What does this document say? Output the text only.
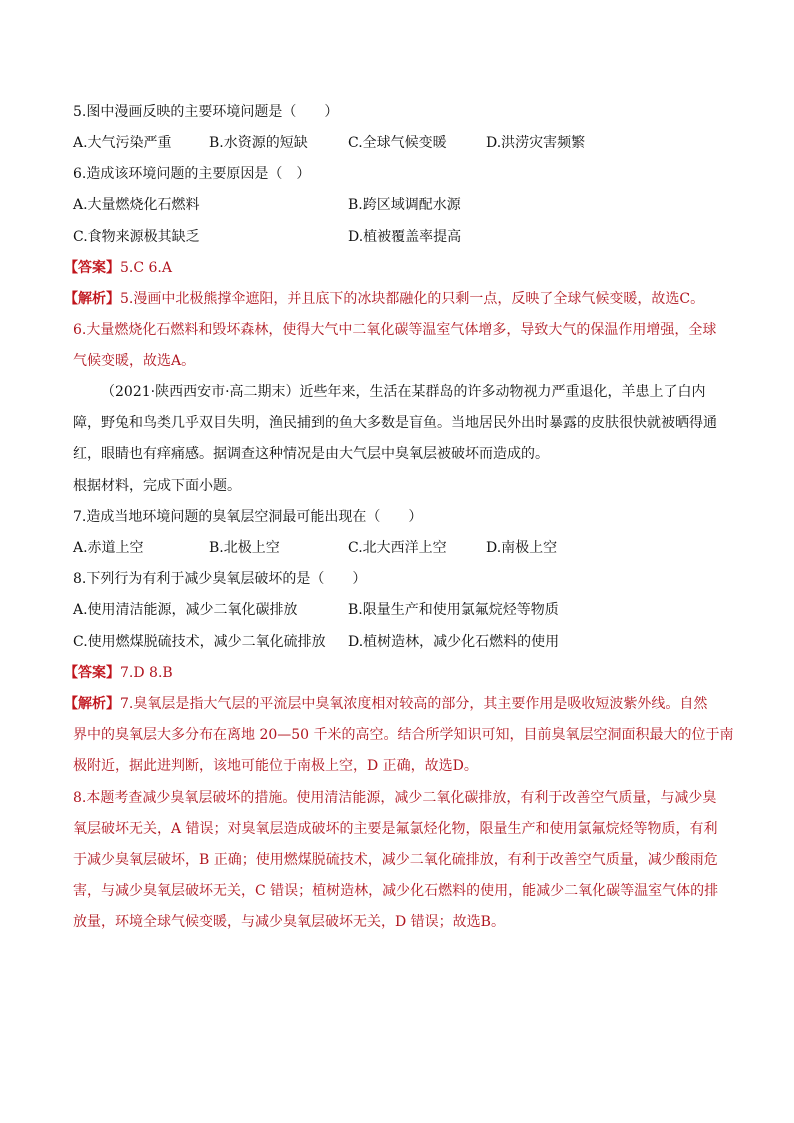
5.图中漫画反映的主要环境问题是（　　）
A.大气污染严重	B.水资源的短缺	C.全球气候变暖	D.洪涝灾害频繁
6.造成该环境问题的主要原因是（　）
A.大量燃烧化石燃料	B.跨区域调配水源
C.食物来源极其缺乏	D.植被覆盖率提高
【答案】5.C 6.A
【解析】5.漫画中北极熊撑伞遮阳，并且底下的冰块都融化的只剩一点，反映了全球气候变暖，故选C。
6.大量燃烧化石燃料和毁坏森林，使得大气中二氧化碳等温室气体增多，导致大气的保温作用增强，全球
气候变暖，故选A。
（2021·陕西西安市·高二期末）近些年来，生活在某群岛的许多动物视力严重退化，羊患上了白内
障，野兔和鸟类几乎双目失明，渔民捕到的鱼大多数是盲鱼。当地居民外出时暴露的皮肤很快就被晒得通
红，眼睛也有痒痛感。据调查这种情况是由大气层中臭氧层被破坏而造成的。
根据材料，完成下面小题。
7.造成当地环境问题的臭氧层空洞最可能出现在（　　）
A.赤道上空	B.北极上空	C.北大西洋上空	D.南极上空
8.下列行为有利于减少臭氧层破坏的是（　　）
A.使用清洁能源，减少二氧化碳排放	B.限量生产和使用氯氟烷烃等物质
C.使用燃煤脱硫技术，减少二氧化硫排放 D.植树造林，减少化石燃料的使用
【答案】7.D 8.B
【解析】7.臭氧层是指大气层的平流层中臭氧浓度相对较高的部分，其主要作用是吸收短波紫外线。自然
界中的臭氧层大多分布在离地 20—50 千米的高空。结合所学知识可知，目前臭氧层空洞面积最大的位于南
极附近，据此进判断，该地可能位于南极上空，D 正确，故选D。
8.本题考查减少臭氧层破坏的措施。使用清洁能源，减少二氧化碳排放，有利于改善空气质量，与减少臭
氧层破坏无关，A 错误；对臭氧层造成破坏的主要是氟氯烃化物，限量生产和使用氯氟烷烃等物质，有利
于减少臭氧层破坏，B 正确；使用燃煤脱硫技术，减少二氧化硫排放，有利于改善空气质量，减少酸雨危
害，与减少臭氧层破坏无关，C 错误；植树造林，减少化石燃料的使用，能减少二氧化碳等温室气体的排
放量，环境全球气候变暖，与减少臭氧层破坏无关，D 错误；故选B。
